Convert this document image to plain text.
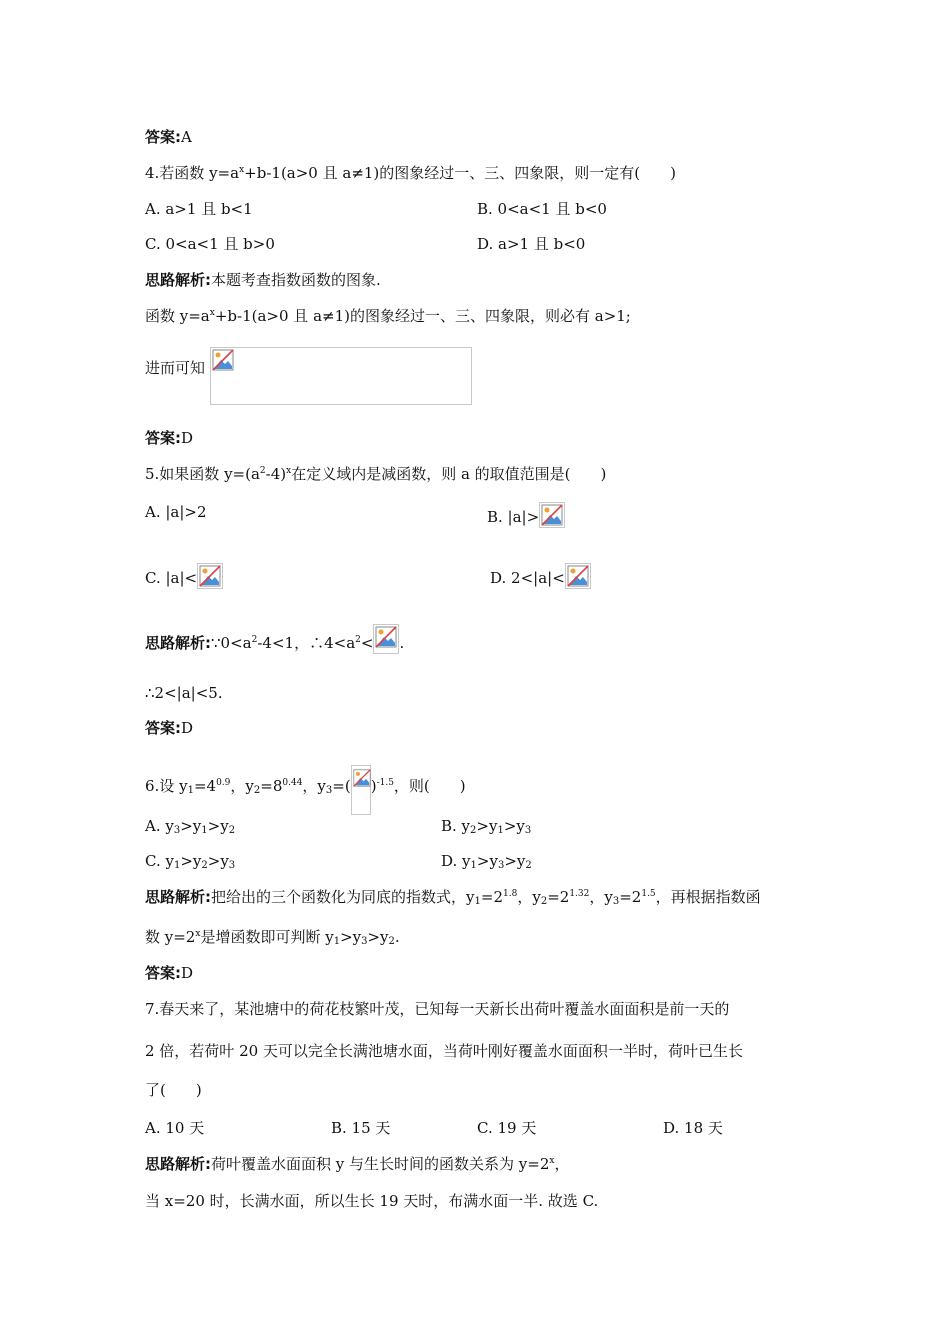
答案:A
4.若函数 $y=a^x+b-1(a>0$ 且 a≠1)的图象经过一、三、四象限，则一定有(　　)
A. a>1 且 b<1	B. 0<a<1 且 b<0
C. 0<a<1 且 b>0	D. a>1 且 b<0
思路解析:本题考查指数函数的图象.
函数 $y=a^x+b-1(a>0$ 且 a≠1)的图象经过一、三、四象限，则必有 a>1;
进而可知
答案:D
5.如果函数 $y=(a^2-4)^x$在定义域内是减函数，则 a 的取值范围是(　　)
A. |a|>2	B. |a|>
C. |a|<	D. 2<|a|<
思路解析$:\because 0<a^2-4<1$，$\therefore 4<a^2<$ .
∴2<|a|<5.
答案:D
6.设 $y_1=4^{0.9}$，$y_2=8^{0.44}$，$y_3=$( )$^{-1.5}$，则(　　)
A. $y_3>y_1>y_2$	B. $y_2>y_1>y_3$
C. $y_1>y_2>y_3$	D. $y_1>y_3>y_2$
思路解析:把给出的三个函数化为同底的指数式，$y_1=2^{1.8}$，$y_2=2^{1.32}$，$y_3=2^{1.5}$，再根据指数函
数 $y=2^x$是增函数即可判断 $y_1>y_3>y_2$.
答案:D
7.春天来了，某池塘中的荷花枝繁叶茂，已知每一天新长出荷叶覆盖水面面积是前一天的
2 倍，若荷叶 20 天可以完全长满池塘水面，当荷叶刚好覆盖水面面积一半时，荷叶已生长
了(　　)
A. 10 天	B. 15 天	C. 19 天	D. 18 天
思路解析:荷叶覆盖水面面积 y 与生长时间的函数关系为 $y=2^x$，
当 x=20 时，长满水面，所以生长 19 天时，布满水面一半. 故选 C.
